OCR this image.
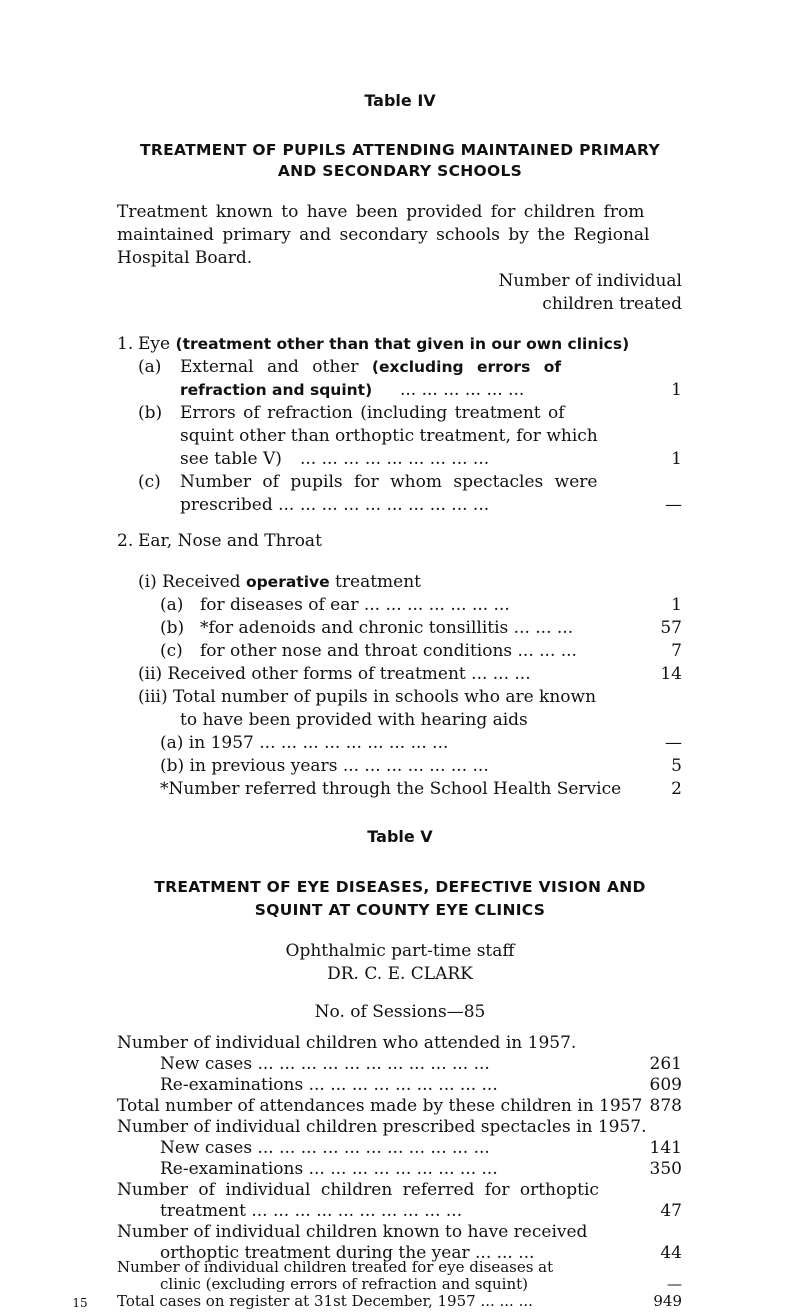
Table IV
TREATMENT OF PUPILS ATTENDING MAINTAINED PRIMARY
AND SECONDARY SCHOOLS
Treatment known to have been provided for children from
maintained primary and secondary schools by the Regional
Hospital Board.
Number of individual
children treated
1. Eye (treatment other than that given in our own clinics)
(a) External and other (excluding errors of
refraction and squint) ... ... ... ... ... ...	1
(b) Errors of refraction (including treatment of
squint other than orthoptic treatment, for which
see table V) ... ... ... ... ... ... ... ... ...	1
(c) Number of pupils for whom spectacles were
prescribed ... ... ... ... ... ... ... ... ... ...	—
2. Ear, Nose and Throat
(i) Received operative treatment
(a) for diseases of ear ... ... ... ... ... ... ...	1
(b) *for adenoids and chronic tonsillitis ... ... ...	57
(c) for other nose and throat conditions ... ... ...	7
(ii) Received other forms of treatment ... ... ...	14
(iii) Total number of pupils in schools who are known
to have been provided with hearing aids
(a) in 1957 ... ... ... ... ... ... ... ... ...	—
(b) in previous years ... ... ... ... ... ... ...	5
*Number referred through the School Health Service	2
Table V
TREATMENT OF EYE DISEASES, DEFECTIVE VISION AND
SQUINT AT COUNTY EYE CLINICS
Ophthalmic part-time staff
DR. C. E. CLARK
No. of Sessions—85
Number of individual children who attended in 1957.
New cases ... ... ... ... ... ... ... ... ... ... ...	261
Re-examinations ... ... ... ... ... ... ... ... ...	609
Total number of attendances made by these children in 1957 878
Number of individual children prescribed spectacles in 1957.
New cases ... ... ... ... ... ... ... ... ... ... ...	141
Re-examinations ... ... ... ... ... ... ... ... ...	350
Number of individual children referred for orthoptic
treatment ... ... ... ... ... ... ... ... ... ...	47
Number of individual children known to have received
orthoptic treatment during the year ... ... ...	44
15
Number of individual children treated for eye diseases at
clinic (excluding errors of refraction and squint)	—
Total cases on register at 31st December, 1957 ... ... ...	949
